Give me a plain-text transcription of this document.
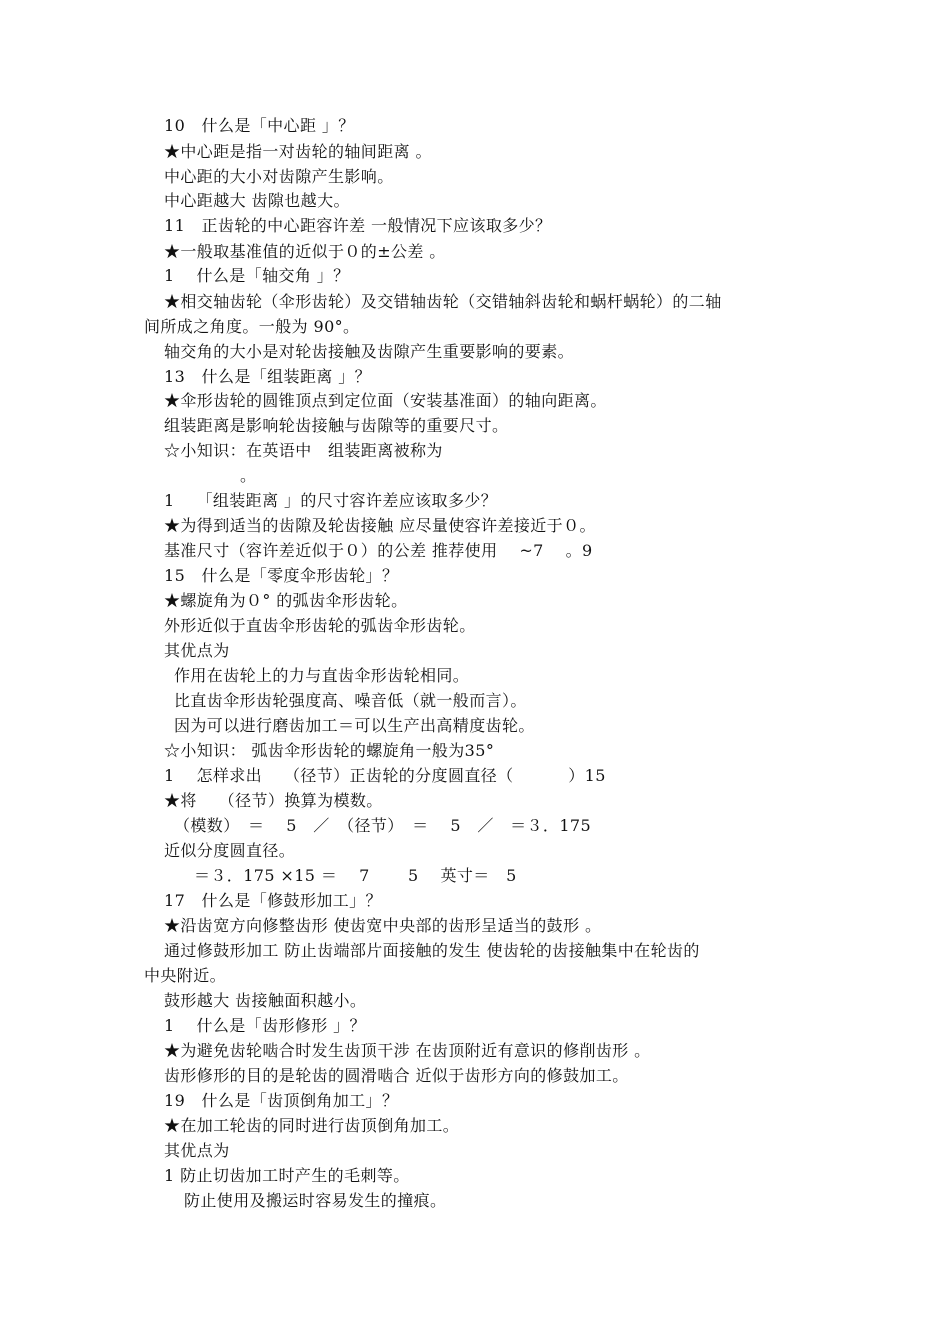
10　什么是「中心距 」？
★中心距是指一对齿轮的轴间距离 。
中心距的大小对齿隙产生影响。
中心距越大 齿隙也越大。
11　正齿轮的中心距容许差 一般情况下应该取多少？
★一般取基准值的近似于０的±公差 。
1　 什么是「轴交角 」？
★相交轴齿轮（伞形齿轮）及交错轴齿轮（交错轴斜齿轮和蜗杆蜗轮）的二轴
间所成之角度。一般为 90°。
轴交角的大小是对轮齿接触及齿隙产生重要影响的要素。
13　什么是「组装距离 」？
★伞形齿轮的圆锥顶点到定位面（安装基准面）的轴向距离。
组装距离是影响轮齿接触与齿隙等的重要尺寸。
☆小知识：在英语中　组装距离被称为
。
1　 「组装距离 」的尺寸容许差应该取多少？
★为得到适当的齿隙及轮齿接触 应尽量使容许差接近于０。
基准尺寸（容许差近似于０）的公差 推荐使用　 ~7　 。9
15　什么是「零度伞形齿轮」？
★螺旋角为０° 的弧齿伞形齿轮。
外形近似于直齿伞形齿轮的弧齿伞形齿轮。
其优点为
作用在齿轮上的力与直齿伞形齿轮相同。
比直齿伞形齿轮强度高、噪音低（就一般而言）。
因为可以进行磨齿加工＝可以生产出高精度齿轮。
☆小知识： 弧齿伞形齿轮的螺旋角一般为35°
1　 怎样求出　 （径节）正齿轮的分度圆直径（　　　 ）15
★将　 （径节）换算为模数。
（模数）　＝　 5　／　（径节）　＝　 5　／　＝３．175
近似分度圆直径。
＝３．175 ×15 ＝　 7　　 5　 英寸＝　5
17　什么是「修鼓形加工」？
★沿齿宽方向修整齿形 使齿宽中央部的齿形呈适当的鼓形 。
通过修鼓形加工 防止齿端部片面接触的发生 使齿轮的齿接触集中在轮齿的
中央附近。
鼓形越大 齿接触面积越小。
1　 什么是「齿形修形 」？
★为避免齿轮啮合时发生齿顶干涉 在齿顶附近有意识的修削齿形 。
齿形修形的目的是轮齿的圆滑啮合 近似于齿形方向的修鼓加工。
19　什么是「齿顶倒角加工」？
★在加工轮齿的同时进行齿顶倒角加工。
其优点为
1 防止切齿加工时产生的毛刺等。
防止使用及搬运时容易发生的撞痕。
